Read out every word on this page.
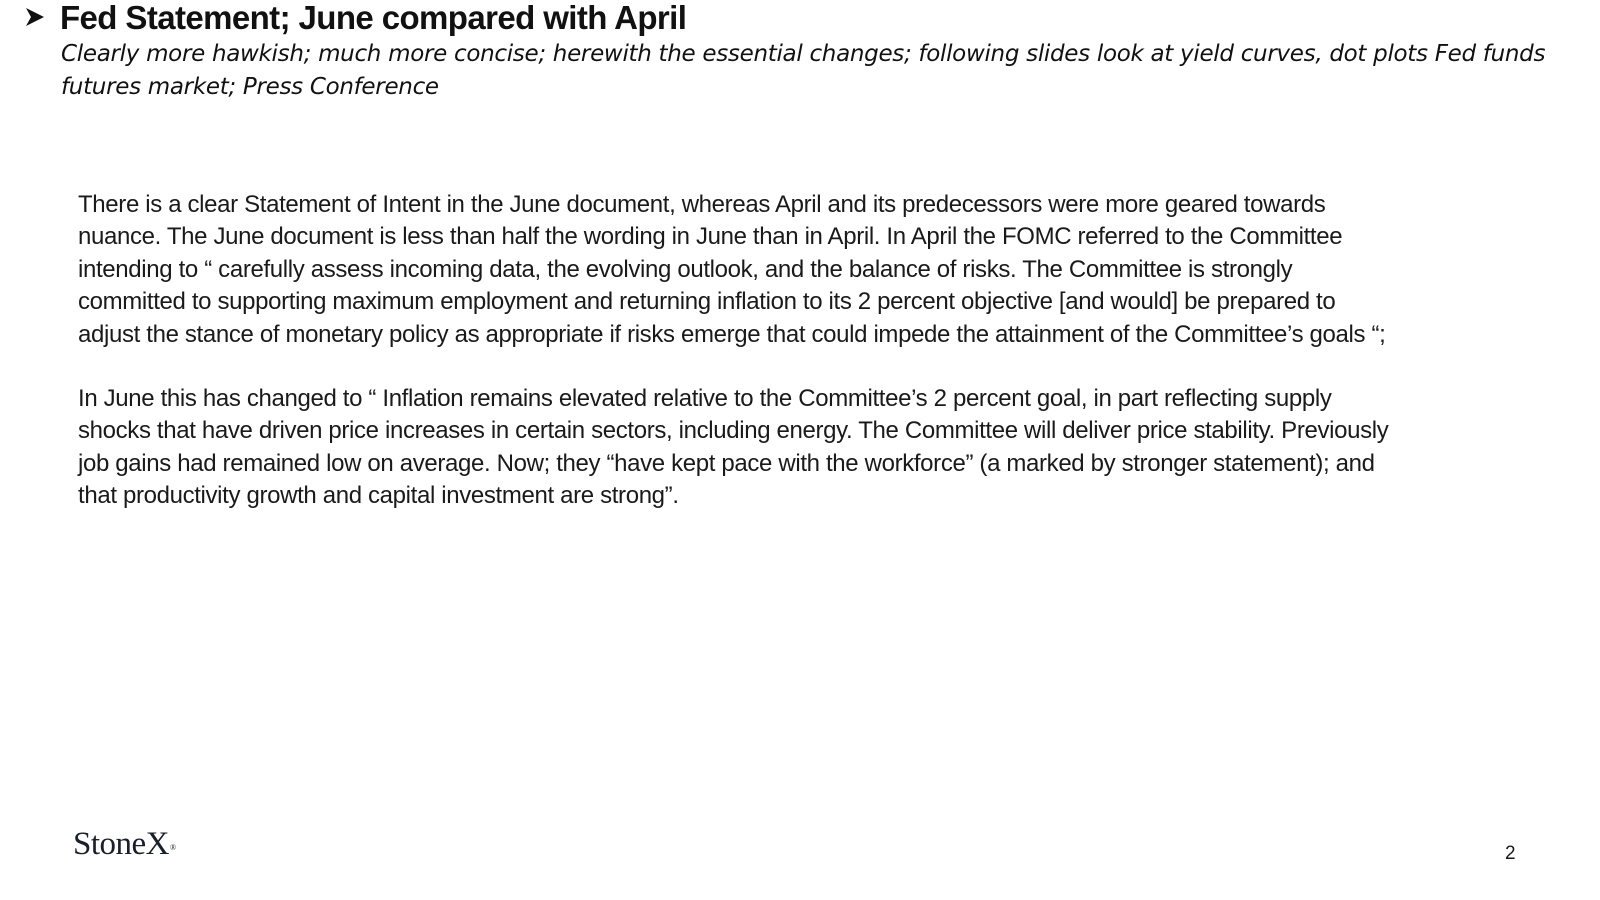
Fed Statement; June compared with April
Clearly more hawkish; much more concise; herewith the essential changes; following slides look at yield curves, dot plots Fed funds futures market; Press Conference

There is a clear Statement of Intent in the June document, whereas April and its predecessors were more geared towards
nuance. The June document is less than half the wording in June than in April. In April the FOMC referred to the Committee
intending to “ carefully assess incoming data, the evolving outlook, and the balance of risks. The Committee is strongly
committed to supporting maximum employment and returning inflation to its 2 percent objective [and would] be prepared to
adjust the stance of monetary policy as appropriate if risks emerge that could impede the attainment of the Committee’s goals “;

In June this has changed to “ Inflation remains elevated relative to the Committee’s 2 percent goal, in part reflecting supply
shocks that have driven price increases in certain sectors, including energy. The Committee will deliver price stability. Previously
job gains had remained low on average. Now; they “have kept pace with the workforce” (a marked by stronger statement); and
that productivity growth and capital investment are strong”.

StoneX®	2
